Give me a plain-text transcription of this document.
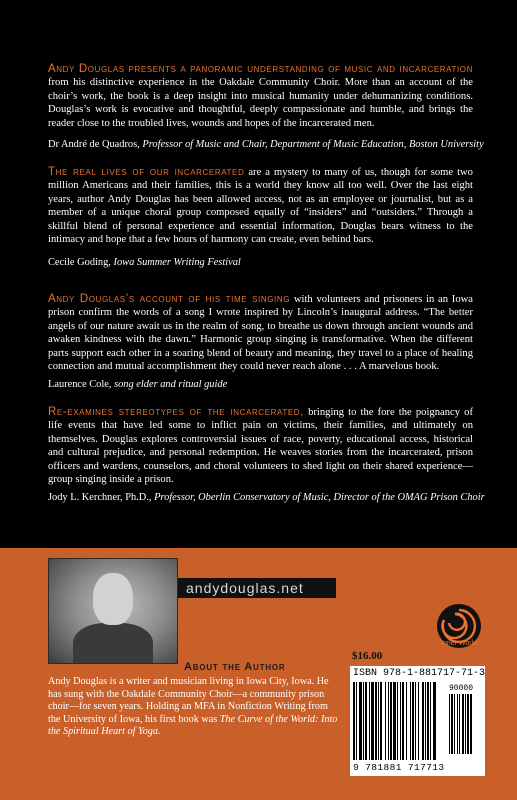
Andy Douglas presents a panoramic understanding of music and incarceration from his distinctive experience in the Oakdale Community Choir. More than an account of the choir’s work, the book is a deep insight into musical humanity under dehumanizing conditions. Douglas’s work is evocative and thoughtful, deeply compassionate and humble, and brings the reader close to the troubled lives, wounds and hopes of the incarcerated men.
Dr André de Quadros, Professor of Music and Chair, Department of Music Education, Boston University
The real lives of our incarcerated are a mystery to many of us, though for some two million Americans and their families, this is a world they know all too well. Over the last eight years, author Andy Douglas has been allowed access, not as an employee or journalist, but as a member of a unique choral group composed equally of “insiders” and “outsiders.” Through a skillful blend of personal experience and essential information, Douglas bears witness to the intimacy and hope that a few hours of harmony can create, even behind bars.
Cecile Goding, Iowa Summer Writing Festival
Andy Douglas’s account of his time singing with volunteers and prisoners in an Iowa prison confirm the words of a song I wrote inspired by Lincoln’s inaugural address. “The better angels of our nature await us in the realm of song, to breathe us down through ancient wounds and awaken kindness with the dawn.” Harmonic group singing is transformative. When the different parts support each other in a soaring blend of beauty and meaning, they travel to a place of healing connection and mutual accomplishment they could never reach alone . . . A marvelous book.
Laurence Cole, song elder and ritual guide
Re-examines stereotypes of the incarcerated, bringing to the fore the poignancy of life events that have led some to inflict pain on victims, their families, and ultimately on themselves. Douglas explores controversial issues of race, poverty, educational access, historical and cultural prejudice, and personal redemption. He weaves stories from the incarcerated, prison officers and wardens, counselors, and choral volunteers to shed light on their shared experience—group singing inside a prison.
Jody L. Kerchner, Ph.D., Professor, Oberlin Conservatory of Music, Director of the OMAG Prison Choir
andydouglas.net
About the Author
Andy Douglas is a writer and musician living in Iowa City, Iowa. He has sung with the Oakdale Community Choir—a community prison choir—for seven years. Holding an MFA in Nonfiction Writing from the University of Iowa, his first book was The Curve of the World: Into the Spiritual Heart of Yoga.
Inner World
$16.00
ISBN 978-1-881717-71-3
90000
9 781881 717713
